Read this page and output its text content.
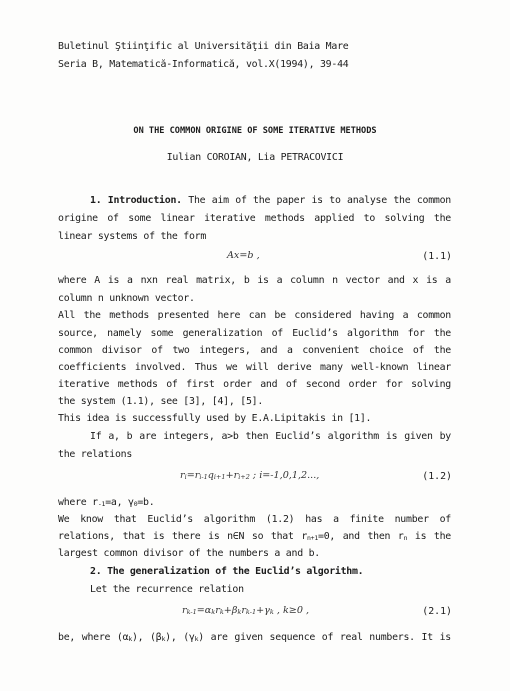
Buletinul Ştiinţific al Universităţii din Baia Mare
Seria B, Matematică-Informatică, vol.X(1994), 39-44
ON THE COMMON ORIGINE OF SOME ITERATIVE METHODS
Iulian COROIAN, Lia PETRACOVICI
1. Introduction. The aim of the paper is to analyse the common
origine of some linear iterative methods applied to solving the
linear systems of the form
Ax=b ,	(1.1)
where A is a nxn real matrix, b is a column n vector and x is a
column n unknown vector.
All the methods presented here can be considered having a common
source, namely some generalization of Euclid’s algorithm for the
common divisor of two integers, and a convenient choice of the
coefficients involved. Thus we will derive many well-known linear
iterative methods of first order and of second order for solving
the system (1.1), see [3], [4], [5].
This idea is successfully used by E.A.Lipitakis in [1].
If a, b are integers, a>b then Euclid’s algorithm is given by
the relations
$r_i=r_{i-1}q_{i+1}+r_{i+2}$ ; i=-1,0,1,2...,	(1.2)
where $r_{-1}=a$, $\gamma_0=b$.
We know that Euclid’s algorithm (1.2) has a finite number of
relations, that is there is n∈N so that $r_{n+1}=0$, and then $r_n$ is the
largest common divisor of the numbers a and b.
2. The generalization of the Euclid’s algorithm.
Let the recurrence relation
$r_{k-1}=\alpha_kr_k+\beta_kr_{k-1}+\gamma_k$ , k≥0 ,	(2.1)
be, where $(\alpha_k)$, $(\beta_k)$, $(\gamma_k)$ are given sequence of real numbers. It is
